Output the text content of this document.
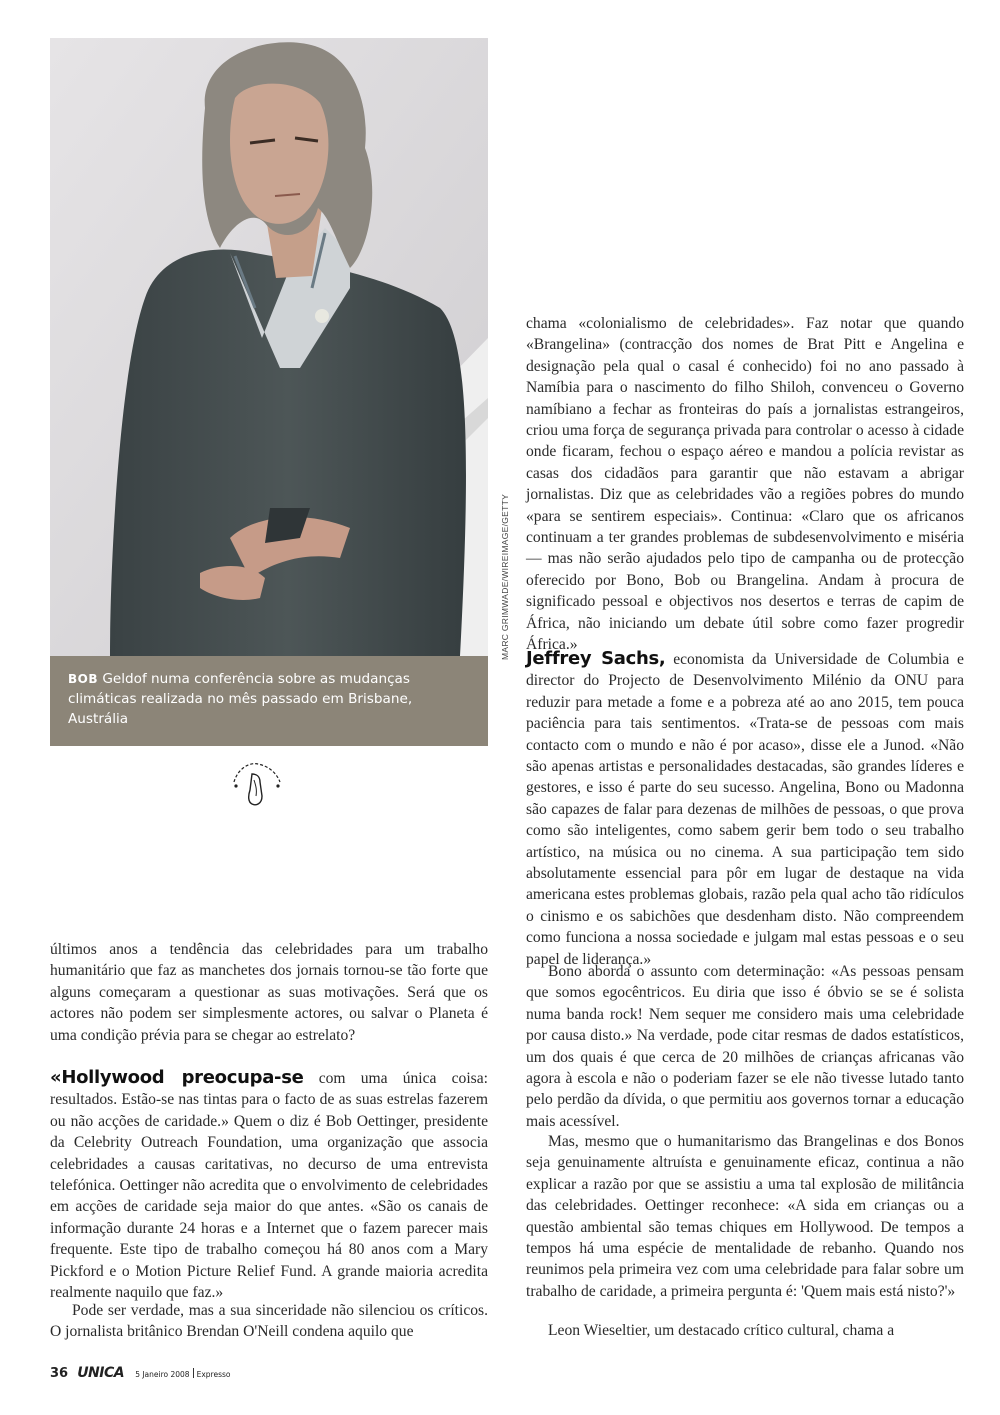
MARC GRIMWADE/WIREIMAGE/GETTY
BOB Geldof numa conferência sobre as mudanças climáticas realizada no mês passado em Brisbane, Austrália

últimos anos a tendência das celebridades para um trabalho humanitário que faz as manchetes dos jornais tornou-se tão forte que alguns começaram a questionar as suas motivações. Será que os actores não podem ser simplesmente actores, ou salvar o Planeta é uma condição prévia para se chegar ao estrelato?

«Hollywood preocupa-se com uma única coisa: resultados. Estão-se nas tintas para o facto de as suas estrelas fazerem ou não acções de caridade.» Quem o diz é Bob Oettinger, presidente da Celebrity Outreach Foundation, uma organização que associa celebridades a causas caritativas, no decurso de uma entrevista telefónica. Oettinger não acredita que o envolvimento de celebridades em acções de caridade seja maior do que antes. «São os canais de informação durante 24 horas e a Internet que o fazem parecer mais frequente. Este tipo de trabalho começou há 80 anos com a Mary Pickford e o Motion Picture Relief Fund. A grande maioria acredita realmente naquilo que faz.»

Pode ser verdade, mas a sua sinceridade não silenciou os críticos. O jornalista britânico Brendan O'Neill condena aquilo que

chama «colonialismo de celebridades». Faz notar que quando «Brangelina» (contracção dos nomes de Brat Pitt e Angelina e designação pela qual o casal é conhecido) foi no ano passado à Namíbia para o nascimento do filho Shiloh, convenceu o Governo namíbiano a fechar as fronteiras do país a jornalistas estrangeiros, criou uma força de segurança privada para controlar o acesso à cidade onde ficaram, fechou o espaço aéreo e mandou a polícia revistar as casas dos cidadãos para garantir que não estavam a abrigar jornalistas. Diz que as celebridades vão a regiões pobres do mundo «para se sentirem especiais». Continua: «Claro que os africanos continuam a ter grandes problemas de subdesenvolvimento e miséria — mas não serão ajudados pelo tipo de campanha ou de protecção oferecido por Bono, Bob ou Brangelina. Andam à procura de significado pessoal e objectivos nos desertos e terras de capim de África, não iniciando um debate útil sobre como fazer progredir África.»

Jeffrey Sachs, economista da Universidade de Columbia e director do Projecto de Desenvolvimento Milénio da ONU para reduzir para metade a fome e a pobreza até ao ano 2015, tem pouca paciência para tais sentimentos. «Trata-se de pessoas com mais contacto com o mundo e não é por acaso», disse ele a Junod. «Não são apenas artistas e personalidades destacadas, são grandes líderes e gestores, e isso é parte do seu sucesso. Angelina, Bono ou Madonna são capazes de falar para dezenas de milhões de pessoas, o que prova como são inteligentes, como sabem gerir bem todo o seu trabalho artístico, na música ou no cinema. A sua participação tem sido absolutamente essencial para pôr em lugar de destaque na vida americana estes problemas globais, razão pela qual acho tão ridículos o cinismo e os sabichões que desdenham disto. Não compreendem como funciona a nossa sociedade e julgam mal estas pessoas e o seu papel de liderança.»

Bono aborda o assunto com determinação: «As pessoas pensam que somos egocêntricos. Eu diria que isso é óbvio se se é solista numa banda rock! Nem sequer me considero mais uma celebridade por causa disto.» Na verdade, pode citar resmas de dados estatísticos, um dos quais é que cerca de 20 milhões de crianças africanas vão agora à escola e não o poderiam fazer se ele não tivesse lutado tanto pelo perdão da dívida, o que permitiu aos governos tornar a educação mais acessível.

Mas, mesmo que o humanitarismo das Brangelinas e dos Bonos seja genuinamente altruísta e genuinamente eficaz, continua a não explicar a razão por que se assistiu a uma tal explosão de militância das celebridades. Oettinger reconhece: «A sida em crianças ou a questão ambiental são temas chiques em Hollywood. De tempos a tempos há uma espécie de mentalidade de rebanho. Quando nos reunimos pela primeira vez com uma celebridade para falar sobre um trabalho de caridade, a primeira pergunta é: 'Quem mais está nisto?'»

Leon Wieseltier, um destacado crítico cultural, chama a

36 UNICA 5 Janeiro 2008 Expresso
